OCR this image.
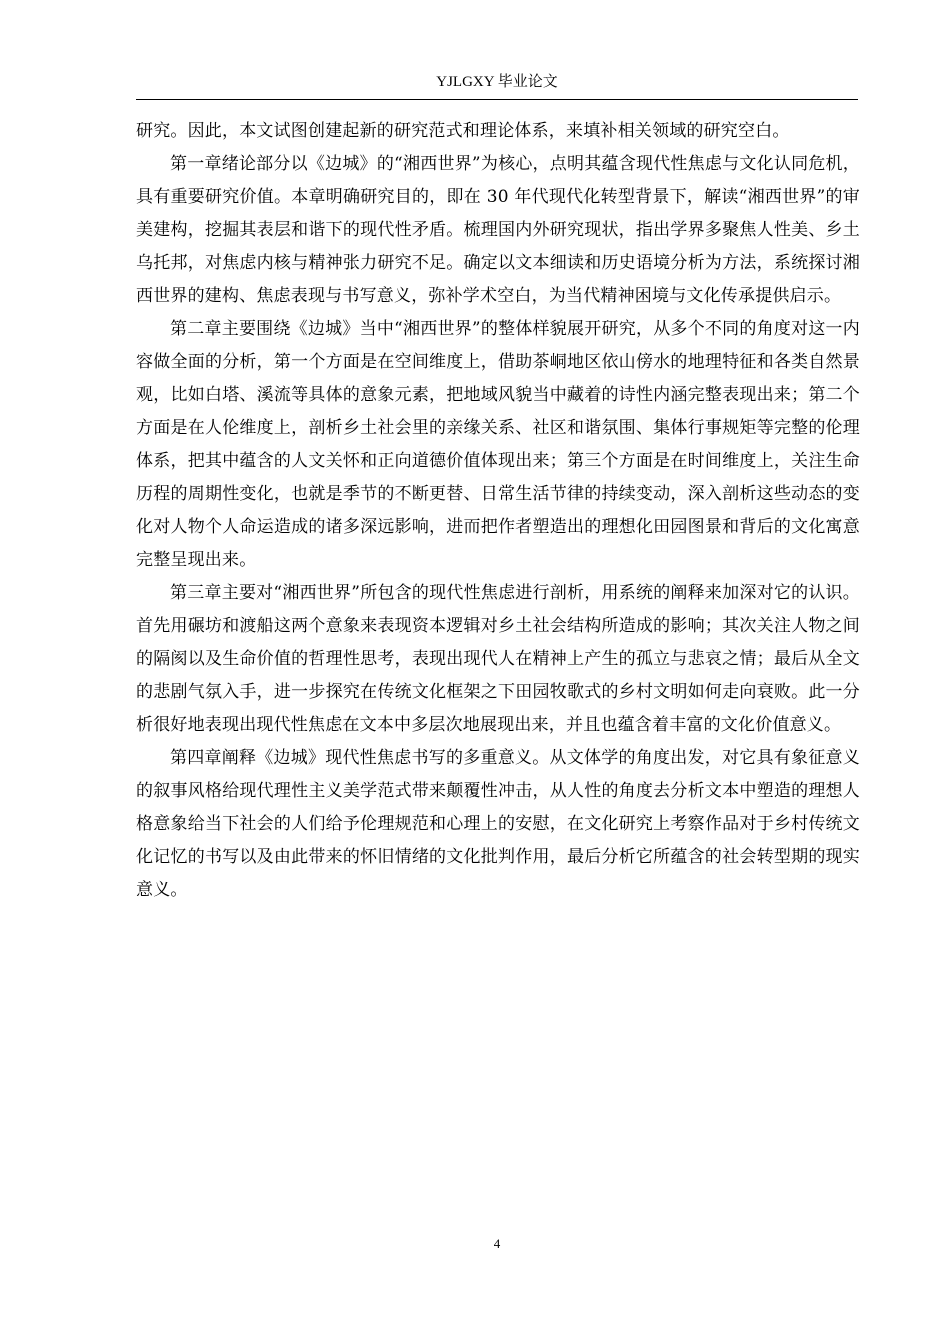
YJLGXY 毕业论文

研究。因此，本文试图创建起新的研究范式和理论体系，来填补相关领域的研究空白。

第一章绪论部分以《边城》的“湘西世界”为核心，点明其蕴含现代性焦虑与文化认同危机，具有重要研究价值。本章明确研究目的，即在 30 年代现代化转型背景下，解读“湘西世界”的审美建构，挖掘其表层和谐下的现代性矛盾。梳理国内外研究现状，指出学界多聚焦人性美、乡土乌托邦，对焦虑内核与精神张力研究不足。确定以文本细读和历史语境分析为方法，系统探讨湘西世界的建构、焦虑表现与书写意义，弥补学术空白，为当代精神困境与文化传承提供启示。

第二章主要围绕《边城》当中“湘西世界”的整体样貌展开研究，从多个不同的角度对这一内容做全面的分析，第一个方面是在空间维度上，借助茶峒地区依山傍水的地理特征和各类自然景观，比如白塔、溪流等具体的意象元素，把地域风貌当中藏着的诗性内涵完整表现出来；第二个方面是在人伦维度上，剖析乡土社会里的亲缘关系、社区和谐氛围、集体行事规矩等完整的伦理体系，把其中蕴含的人文关怀和正向道德价值体现出来；第三个方面是在时间维度上，关注生命历程的周期性变化，也就是季节的不断更替、日常生活节律的持续变动，深入剖析这些动态的变化对人物个人命运造成的诸多深远影响，进而把作者塑造出的理想化田园图景和背后的文化寓意完整呈现出来。

第三章主要对“湘西世界”所包含的现代性焦虑进行剖析，用系统的阐释来加深对它的认识。首先用碾坊和渡船这两个意象来表现资本逻辑对乡土社会结构所造成的影响；其次关注人物之间的隔阂以及生命价值的哲理性思考，表现出现代人在精神上产生的孤立与悲哀之情；最后从全文的悲剧气氛入手，进一步探究在传统文化框架之下田园牧歌式的乡村文明如何走向衰败。此一分析很好地表现出现代性焦虑在文本中多层次地展现出来，并且也蕴含着丰富的文化价值意义。

第四章阐释《边城》现代性焦虑书写的多重意义。从文体学的角度出发，对它具有象征意义的叙事风格给现代理性主义美学范式带来颠覆性冲击，从人性的角度去分析文本中塑造的理想人格意象给当下社会的人们给予伦理规范和心理上的安慰，在文化研究上考察作品对于乡村传统文化记忆的书写以及由此带来的怀旧情绪的文化批判作用，最后分析它所蕴含的社会转型期的现实意义。

4
